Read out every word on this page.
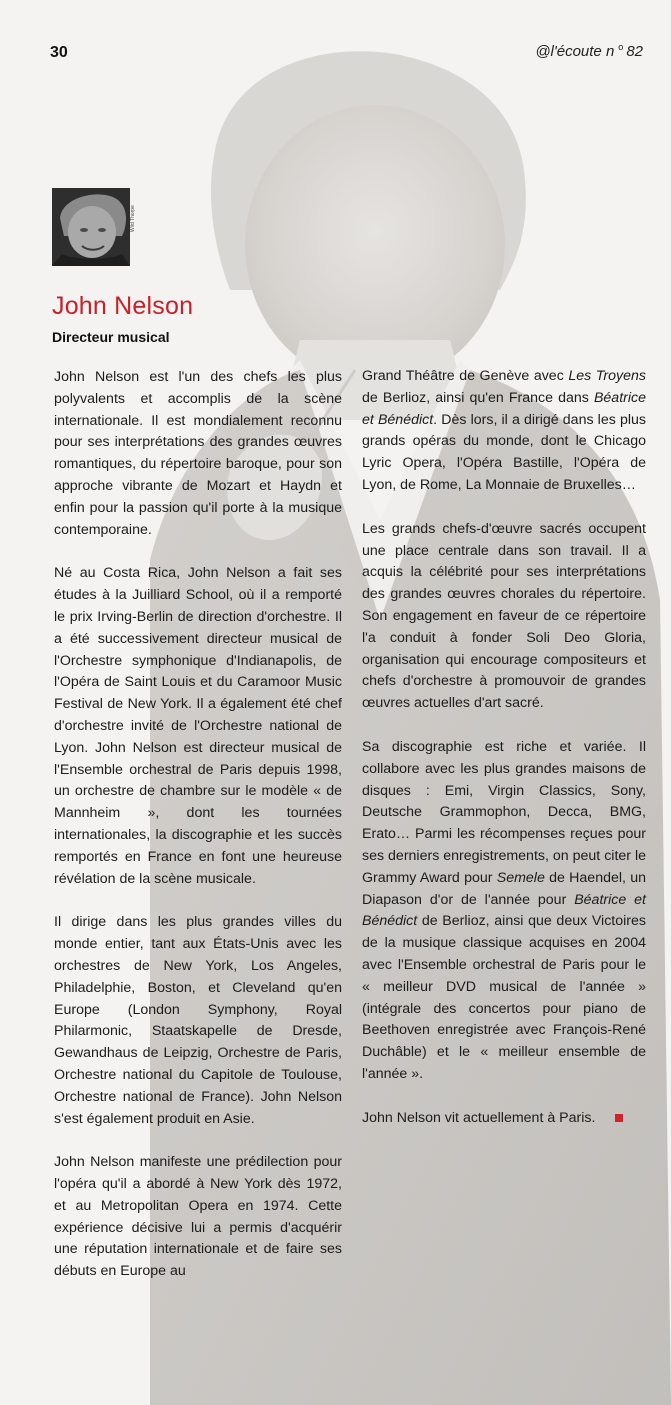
30	@l'écoute n $^o$ 82
Wild Thorpe
John Nelson
Directeur musical

John Nelson est l'un des chefs les plus polyvalents et accomplis de la scène internationale. Il est mondialement reconnu pour ses interprétations des grandes œuvres romantiques, du répertoire baroque, pour son approche vibrante de Mozart et Haydn et enfin pour la passion qu'il porte à la musique contemporaine.

Né au Costa Rica, John Nelson a fait ses études à la Juilliard School, où il a remporté le prix Irving-Berlin de direction d'orchestre. Il a été successivement directeur musical de l'Orchestre symphonique d'Indianapolis, de l'Opéra de Saint Louis et du Caramoor Music Festival de New York. Il a également été chef d'orchestre invité de l'Orchestre national de Lyon. John Nelson est directeur musical de l'Ensemble orchestral de Paris depuis 1998, un orchestre de chambre sur le modèle « de Mannheim », dont les tournées internationales, la discographie et les succès remportés en France en font une heureuse révélation de la scène musicale.

Il dirige dans les plus grandes villes du monde entier, tant aux États-Unis avec les orchestres de New York, Los Angeles, Philadelphie, Boston, et Cleveland qu'en Europe (London Symphony, Royal Philarmonic, Staatskapelle de Dresde, Gewandhaus de Leipzig, Orchestre de Paris, Orchestre national du Capitole de Toulouse, Orchestre national de France). John Nelson s'est également produit en Asie.

John Nelson manifeste une prédilection pour l'opéra qu'il a abordé à New York dès 1972, et au Metropolitan Opera en 1974. Cette expérience décisive lui a permis d'acquérir une réputation internationale et de faire ses débuts en Europe au

Grand Théâtre de Genève avec Les Troyens de Berlioz, ainsi qu'en France dans Béatrice et Bénédict. Dès lors, il a dirigé dans les plus grands opéras du monde, dont le Chicago Lyric Opera, l'Opéra Bastille, l'Opéra de Lyon, de Rome, La Monnaie de Bruxelles…

Les grands chefs-d'œuvre sacrés occupent une place centrale dans son travail. Il a acquis la célébrité pour ses interprétations des grandes œuvres chorales du répertoire. Son engagement en faveur de ce répertoire l'a conduit à fonder Soli Deo Gloria, organisation qui encourage compositeurs et chefs d'orchestre à promouvoir de grandes œuvres actuelles d'art sacré.

Sa discographie est riche et variée. Il collabore avec les plus grandes maisons de disques : Emi, Virgin Classics, Sony, Deutsche Grammophon, Decca, BMG, Erato… Parmi les récompenses reçues pour ses derniers enregistrements, on peut citer le Grammy Award pour Semele de Haendel, un Diapason d'or de l'année pour Béatrice et Bénédict de Berlioz, ainsi que deux Victoires de la musique classique acquises en 2004 avec l'Ensemble orchestral de Paris pour le « meilleur DVD musical de l'année » (intégrale des concertos pour piano de Beethoven enregistrée avec François-René Duchâble) et le « meilleur ensemble de l'année ».

John Nelson vit actuellement à Paris.
